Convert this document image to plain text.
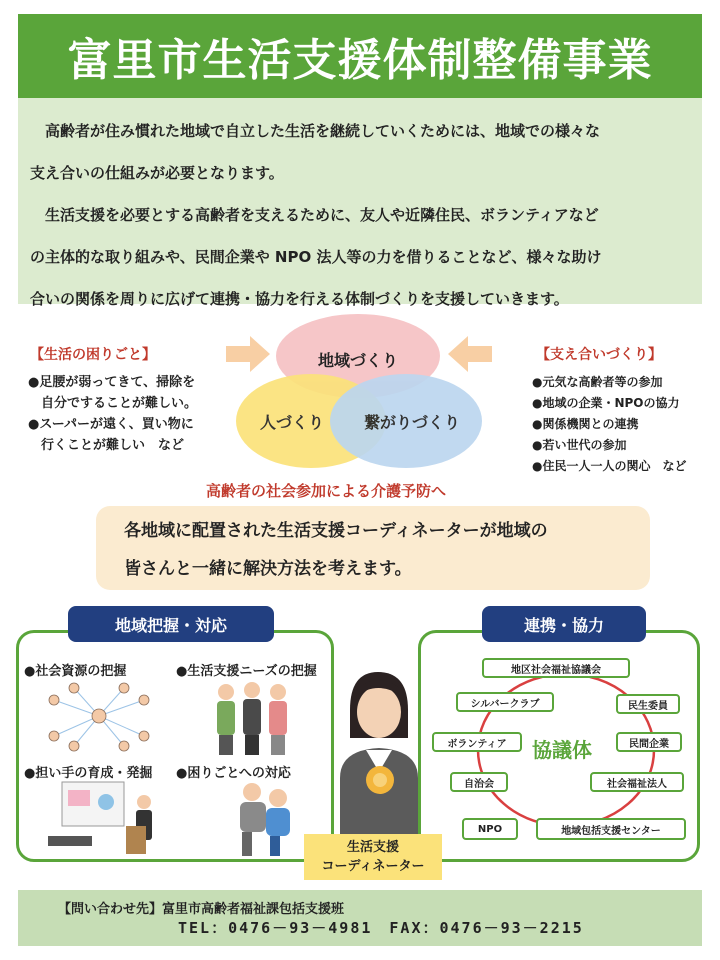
富里市生活支援体制整備事業

高齢者が住み慣れた地域で自立した生活を継続していくためには、地域での様々な

支え合いの仕組みが必要となります。

生活支援を必要とする高齢者を支えるために、友人や近隣住民、ボランティアなど

の主体的な取り組みや、民間企業や NPO 法人等の力を借りることなど、様々な助け
合いの関係を周りに広げて連携・協力を行える体制づくりを支援していきます。
【生活の困りごと】
●足腰が弱ってきて、掃除を
　自分ですることが難しい。
●スーパーが遠く、買い物に
　行くことが難しい　など
【支え合いづくり】
●元気な高齢者等の参加
●地域の企業・NPOの協力
●関係機関との連携
●若い世代の参加
●住民一人一人の関心　など
地域づくり
人づくり 繋がりづくり
高齢者の社会参加による介護予防へ
各地域に配置された生活支援コーディネーターが地域の
皆さんと一緒に解決方法を考えます。
地域把握・対応
●社会資源の把握	●生活支援ニーズの把握
●担い手の育成・発掘 ●困りごとへの対応
連携・協力
協議体
地区社会福祉協議会
シルバークラブ	民生委員
ボランティア	民間企業
自治会	社会福祉法人
NPO	地域包括支援センター
生活支援
コーディネーター
【問い合わせ先】富里市高齢者福祉課包括支援班
TEL：0476－93－4981　FAX：0476－93－2215
